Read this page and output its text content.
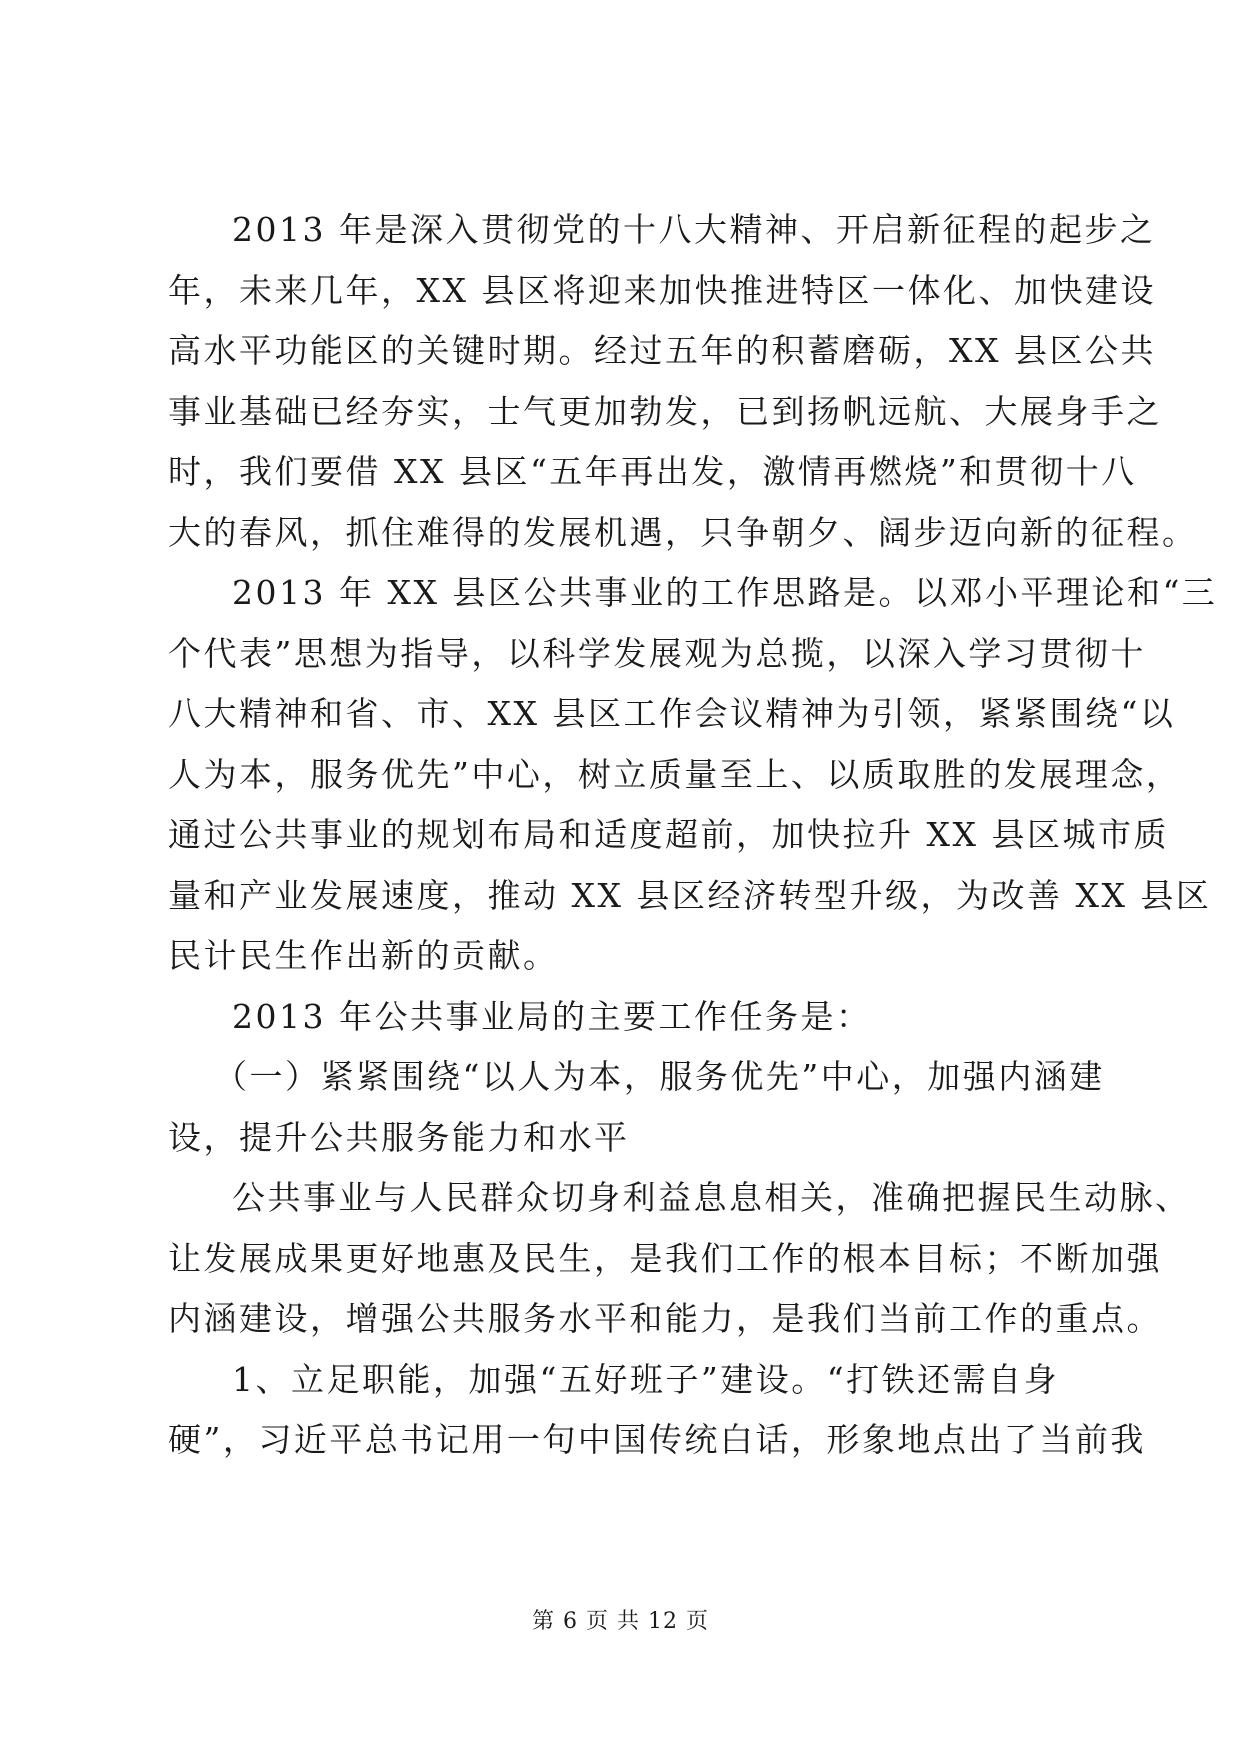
2013 年是深入贯彻党的十八大精神、开启新征程的起步之
年，未来几年，XX 县区将迎来加快推进特区一体化、加快建设
高水平功能区的关键时期。经过五年的积蓄磨砺，XX 县区公共
事业基础已经夯实，士气更加勃发，已到扬帆远航、大展身手之
时，我们要借 XX 县区“五年再出发，激情再燃烧”和贯彻十八
大的春风，抓住难得的发展机遇，只争朝夕、阔步迈向新的征程。
2013 年 XX 县区公共事业的工作思路是。以邓小平理论和“三
个代表”思想为指导，以科学发展观为总揽，以深入学习贯彻十
八大精神和省、市、XX 县区工作会议精神为引领，紧紧围绕“以
人为本，服务优先”中心，树立质量至上、以质取胜的发展理念，
通过公共事业的规划布局和适度超前，加快拉升 XX 县区城市质
量和产业发展速度，推动 XX 县区经济转型升级，为改善 XX 县区
民计民生作出新的贡献。
2013 年公共事业局的主要工作任务是：
（一）紧紧围绕“以人为本，服务优先”中心，加强内涵建
设，提升公共服务能力和水平
公共事业与人民群众切身利益息息相关，准确把握民生动脉、
让发展成果更好地惠及民生，是我们工作的根本目标；不断加强
内涵建设，增强公共服务水平和能力，是我们当前工作的重点。
1、立足职能，加强“五好班子”建设。“打铁还需自身
硬”，习近平总书记用一句中国传统白话，形象地点出了当前我
第 6 页 共 12 页
